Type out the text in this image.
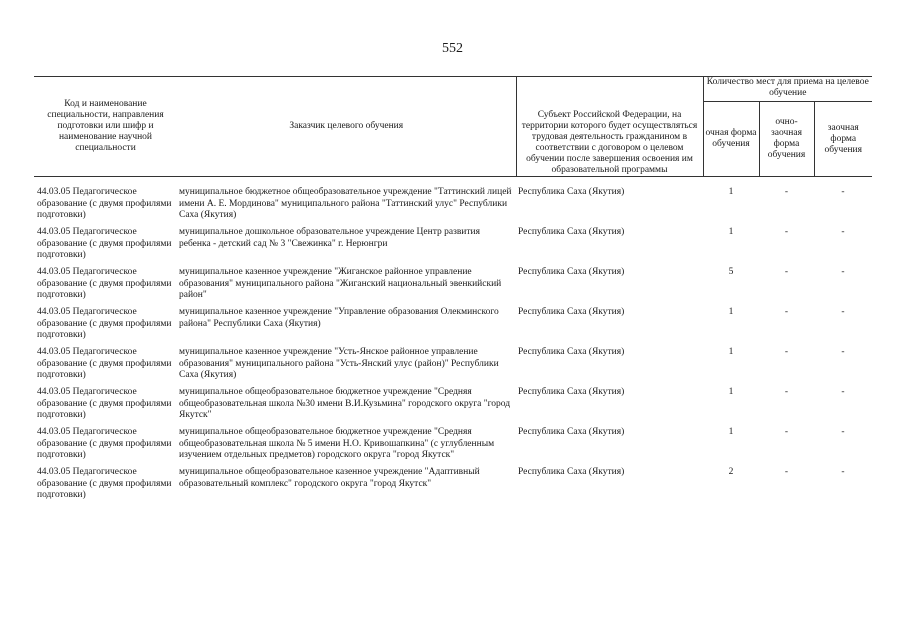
552
Код и наименование специальности, направления подготовки или шифр и наименование научной специальности	Заказчик целевого обучения	Субъект Российской Федерации, на территории которого будет осуществляться трудовая деятельность гражданином в соответствии с договором о целевом обучении после завершения освоения им образовательной программы	Количество мест для приема на целевое обучение		
			очная форма обучения	очно-заочная форма обучения	заочная форма обучения
44.03.05 Педагогическое образование (с двумя профилями подготовки)	муниципальное бюджетное общеобразовательное учреждение "Таттинский лицей имени А. Е. Мординова" муниципального района "Таттинский улус" Республики Саха (Якутия)	Республика Саха (Якутия)	1	-	-
44.03.05 Педагогическое образование (с двумя профилями подготовки)	муниципальное дошкольное образовательное учреждение Центр развития ребенка - детский сад № 3 "Свежинка" г. Нерюнгри	Республика Саха (Якутия)	1	-	-
44.03.05 Педагогическое образование (с двумя профилями подготовки)	муниципальное казенное учреждение "Жиганское районное управление образования" муниципального района "Жиганский национальный эвенкийский район"	Республика Саха (Якутия)	5	-	-
44.03.05 Педагогическое образование (с двумя профилями подготовки)	муниципальное казенное учреждение "Управление образования Олекминского района" Республики Саха (Якутия)	Республика Саха (Якутия)	1	-	-
44.03.05 Педагогическое образование (с двумя профилями подготовки)	муниципальное казенное учреждение "Усть-Янское районное управление образования" муниципального района "Усть-Янский улус (район)" Республики Саха (Якутия)	Республика Саха (Якутия)	1	-	-
44.03.05 Педагогическое образование (с двумя профилями подготовки)	муниципальное общеобразовательное бюджетное учреждение "Средняя общеобразовательная школа №30 имени В.И.Кузьмина" городского округа "город Якутск"	Республика Саха (Якутия)	1	-	-
44.03.05 Педагогическое образование (с двумя профилями подготовки)	муниципальное общеобразовательное бюджетное учреждение "Средняя общеобразовательная школа № 5 имени Н.О. Кривошапкина" (с углубленным изучением отдельных предметов) городского округа "город Якутск"	Республика Саха (Якутия)	1	-	-
44.03.05 Педагогическое образование (с двумя профилями подготовки)	муниципальное общеобразовательное казенное учреждение "Адаптивный образовательный комплекс" городского округа "город Якутск"	Республика Саха (Якутия)	2	-	-
